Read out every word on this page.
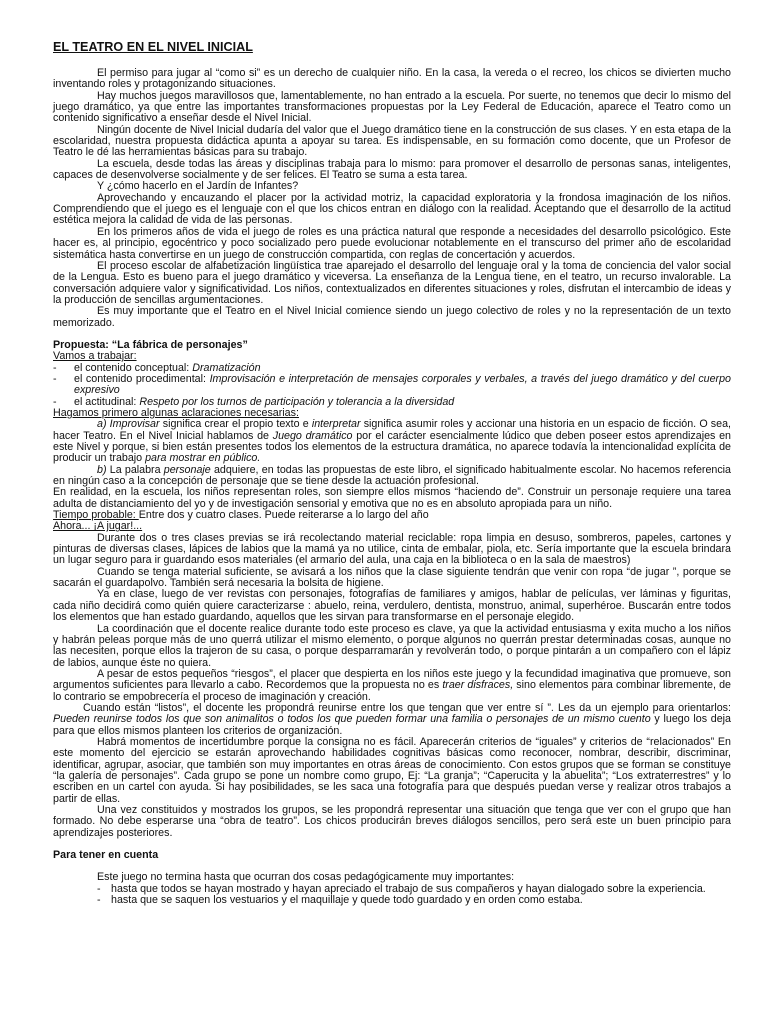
EL TEATRO EN EL NIVEL INICIAL

El permiso para jugar al “como si” es un derecho de cualquier niño. En la casa, la vereda o el recreo, los chicos se divierten mucho inventando roles y protagonizando situaciones.

Hay muchos juegos maravillosos que, lamentablemente, no han entrado a la escuela. Por suerte, no tenemos que decir lo mismo del juego dramático, ya que entre las importantes transformaciones propuestas por la Ley Federal de Educación, aparece el Teatro como un contenido significativo a enseñar desde el Nivel Inicial.

Ningún docente de Nivel Inicial dudaría del valor que el Juego dramático tiene en la construcción de sus clases. Y en esta etapa de la escolaridad, nuestra propuesta didáctica apunta a apoyar su tarea. Es indispensable, en su formación como docente, que un Profesor de Teatro le dé las herramientas básicas para su trabajo.

La escuela, desde todas las áreas y disciplinas trabaja para lo mismo: para promover el desarrollo de personas sanas, inteligentes, capaces de desenvolverse socialmente y de ser felices. El Teatro se suma a esta tarea.

Y ¿cómo hacerlo en el Jardín de Infantes?

Aprovechando y encauzando el placer por la actividad motriz, la capacidad exploratoria y la frondosa imaginación de los niños. Comprendiendo que el juego es el lenguaje con el que los chicos entran en diálogo con la realidad. Aceptando que el desarrollo de la actitud estética mejora la calidad de vida de las personas.

En los primeros años de vida el juego de roles es una práctica natural que responde a necesidades del desarrollo psicológico. Este hacer es, al principio, egocéntrico y poco socializado pero puede evolucionar notablemente en el transcurso del primer año de escolaridad sistemática hasta convertirse en un juego de construcción compartida, con reglas de concertación y acuerdos.

El proceso escolar de alfabetización lingüística trae aparejado el desarrollo del lenguaje oral y la toma de conciencia del valor social de la Lengua. Esto es bueno para el juego dramático y viceversa. La enseñanza de la Lengua tiene, en el teatro, un recurso invalorable. La conversación adquiere valor y significatividad. Los niños, contextualizados en diferentes situaciones y roles, disfrutan el intercambio de ideas y la producción de sencillas argumentaciones.

Es muy importante que el Teatro en el Nivel Inicial comience siendo un juego colectivo de roles y no la representación de un texto memorizado.

Propuesta: “La fábrica de personajes”

Vamos a trabajar:

-	el contenido conceptual: Dramatización
-	el contenido procedimental: Improvisación e interpretación de mensajes corporales y verbales, a través del juego dramático y del cuerpo expresivo
-	el actitudinal: Respeto por los turnos de participación y tolerancia a la diversidad

Hagamos primero algunas aclaraciones necesarias:

a) Improvisar significa crear el propio texto e interpretar significa asumir roles y accionar una historia en un espacio de ficción. O sea, hacer Teatro. En el Nivel Inicial hablamos de Juego dramático por el carácter esencialmente lúdico que deben poseer estos aprendizajes en este Nivel y porque, si bien están presentes todos los elementos de la estructura dramática, no aparece todavía la intencionalidad explícita de producir un trabajo para mostrar en público.

b) La palabra personaje adquiere, en todas las propuestas de este libro, el significado habitualmente escolar. No hacemos referencia en ningún caso a la concepción de personaje que se tiene desde la actuación profesional.

En realidad, en la escuela, los niños representan roles, son siempre ellos mismos “haciendo de”. Construir un personaje requiere una tarea adulta de distanciamiento del yo y de investigación sensorial y emotiva que no es en absoluto apropiada para un niño.

Tiempo probable: Entre dos y cuatro clases. Puede reiterarse a lo largo del año

Ahora... ¡A jugar!...

Durante dos o tres clases previas se irá recolectando material reciclable: ropa limpia en desuso, sombreros, papeles, cartones y pinturas de diversas clases, lápices de labios que la mamá ya no utilice, cinta de embalar, piola, etc. Sería importante que la escuela brindara un lugar seguro para ir guardando esos materiales (el armario del aula, una caja en la biblioteca o en la sala de maestros)

Cuando se tenga material suficiente, se avisará a los niños que la clase siguiente tendrán que venir con ropa “de jugar ”, porque se sacarán el guardapolvo. También será necesaria la bolsita de higiene.

Ya en clase, luego de ver revistas con personajes, fotografías de familiares y amigos, hablar de películas, ver láminas y figuritas, cada niño decidirá como quién quiere caracterizarse : abuelo, reina, verdulero, dentista, monstruo, animal, superhéroe. Buscarán entre todos los elementos que han estado guardando, aquellos que les sirvan para transformarse en el personaje elegido.

La coordinación que el docente realice durante todo este proceso es clave, ya que la actividad entusiasma y exita mucho a los niños y habrán peleas porque más de uno querrá utilizar el mismo elemento, o porque algunos no querrán prestar determinadas cosas, aunque no las necesiten, porque ellos la trajeron de su casa, o porque desparramarán y revolverán todo, o porque pintarán a un compañero con el lápiz de labios, aunque éste no quiera.

A pesar de estos pequeños “riesgos”, el placer que despierta en los niños este juego y la fecundidad imaginativa que promueve, son argumentos suficientes para llevarlo a cabo. Recordemos que la propuesta no es traer disfraces, sino elementos para combinar libremente, de lo contrario se empobrecería el proceso de imaginación y creación.

Cuando están “listos”, el docente les propondrá reunirse entre los que tengan que ver entre sí ”. Les da un ejemplo para orientarlos: Pueden reunirse todos los que son animalitos o todos los que pueden formar una familia o personajes de un mismo cuento y luego los deja para que ellos mismos planteen los criterios de organización.

Habrá momentos de incertidumbre porque la consigna no es fácil. Aparecerán criterios de “iguales” y criterios de “relacionados” En este momento del ejercicio se estarán aprovechando habilidades cognitivas básicas como reconocer, nombrar, describir, discriminar, identificar, agrupar, asociar, que también son muy importantes en otras áreas de conocimiento. Con estos grupos que se forman se constituye “la galería de personajes”. Cada grupo se pone un nombre como grupo, Ej: “La granja”; “Caperucita y la abuelita”; “Los extraterrestres” y lo escriben en un cartel con ayuda. Si hay posibilidades, se les saca una fotografía para que después puedan verse y realizar otros trabajos a partir de ellas.

Una vez constituidos y mostrados los grupos, se les propondrá representar una situación que tenga que ver con el grupo que han formado. No debe esperarse una “obra de teatro”. Los chicos producirán breves diálogos sencillos, pero será este un buen principio para aprendizajes posteriores.

Para tener en cuenta

Este juego no termina hasta que ocurran dos cosas pedagógicamente muy importantes:

- hasta que todos se hayan mostrado y hayan apreciado el trabajo de sus compañeros y hayan dialogado sobre la experiencia.
- hasta que se saquen los vestuarios y el maquillaje y quede todo guardado y en orden como estaba.
